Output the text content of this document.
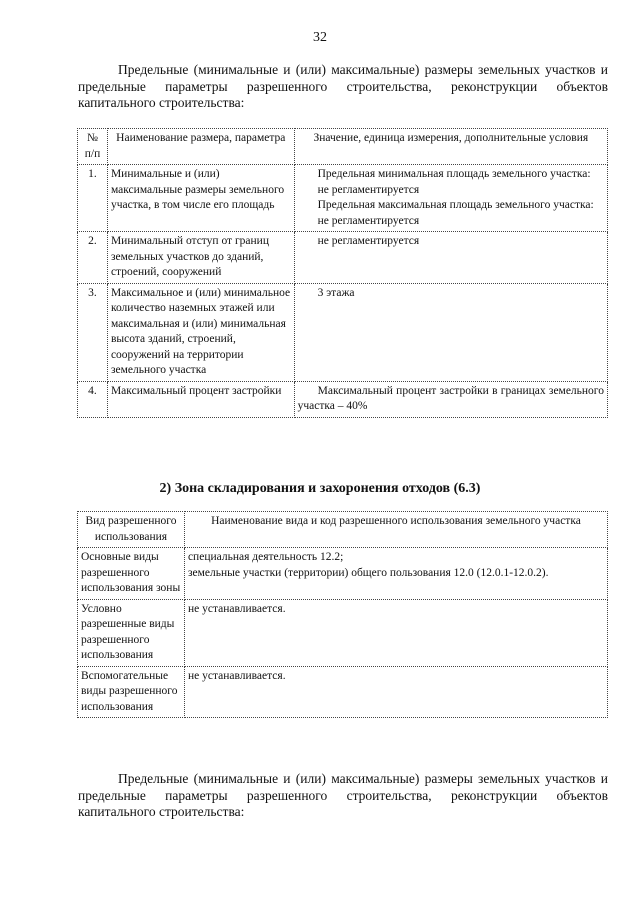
32
Предельные (минимальные и (или) максимальные) размеры земельных участков и предельные параметры разрешенного строительства, реконструкции объектов капитального строительства:
№ п/п	Наименование размера, параметра	Значение, единица измерения, дополнительные условия
1.	Минимальные и (или) максимальные размеры земельного участка, в том числе его площадь	Предельная минимальная площадь земельного участка:
не регламентируется
Предельная максимальная площадь земельного участка:
не регламентируется

2.	Минимальный отступ от границ земельных участков до зданий, строений, сооружений	не регламентируется
3.	Максимальное и (или) минимальное количество наземных этажей или максимальная и (или) минимальная высота зданий, строений, сооружений на территории земельного участка	3 этажа
4.	Максимальный процент застройки	Максимальный процент застройки в границах земельного участка – 40%
2) Зона складирования и захоронения отходов (6.3)
Вид разрешенного использования	Наименование вида и код разрешенного использования земельного участка
Основные виды разрешенного использования зоны	специальная деятельность 12.2;
земельные участки (территории) общего пользования 12.0 (12.0.1-12.0.2).

Условно разрешенные виды разрешенного использования	не устанавливается.
Вспомогательные виды разрешенного использования	не устанавливается.
Предельные (минимальные и (или) максимальные) размеры земельных участков и предельные параметры разрешенного строительства, реконструкции объектов капитального строительства:
